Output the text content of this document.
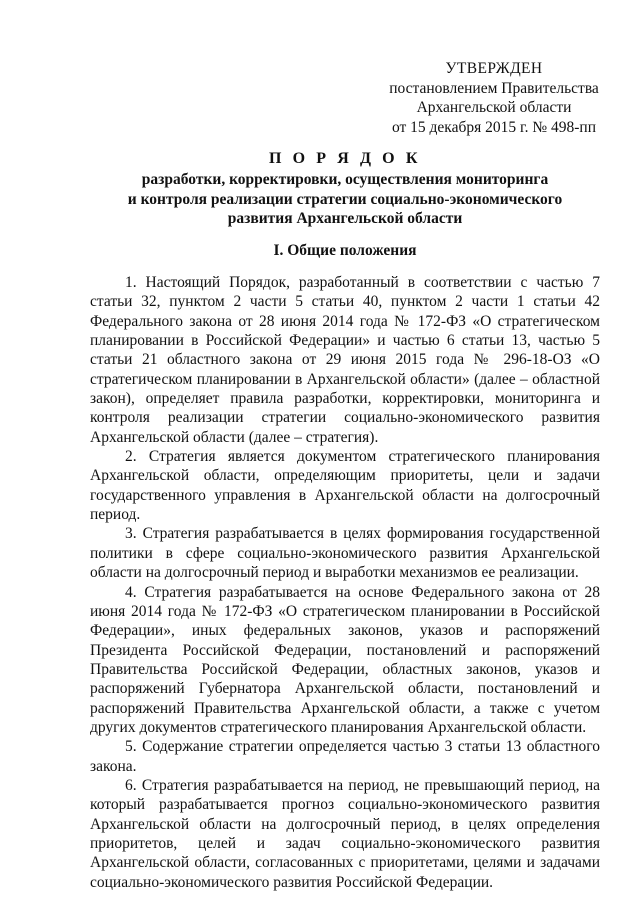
УТВЕРЖДЕН
постановлением Правительства
Архангельской области
от 15 декабря 2015 г. № 498-пп
П О Р Я Д О К
разработки, корректировки, осуществления мониторинга
и контроля реализации стратегии социально-экономического
развития Архангельской области
I. Общие положения

1. Настоящий Порядок, разработанный в соответствии с частью 7 статьи 32, пунктом 2 части 5 статьи 40, пунктом 2 части 1 статьи 42 Федерального закона от 28 июня 2014 года № 172-ФЗ «О стратегическом планировании в Российской Федерации» и частью 6 статьи 13, частью 5 статьи 21 областного закона от 29 июня 2015 года № 296-18-ОЗ «О стратегическом планировании в Архангельской области» (далее – областной закон), определяет правила разработки, корректировки, мониторинга и контроля реализации стратегии социально-экономического развития Архангельской области (далее – стратегия).

2. Стратегия является документом стратегического планирования Архангельской области, определяющим приоритеты, цели и задачи государственного управления в Архангельской области на долгосрочный период.

3. Стратегия разрабатывается в целях формирования государственной политики в сфере социально-экономического развития Архангельской области на долгосрочный период и выработки механизмов ее реализации.

4. Стратегия разрабатывается на основе Федерального закона от 28 июня 2014 года № 172-ФЗ «О стратегическом планировании в Российской Федерации», иных федеральных законов, указов и распоряжений Президента Российской Федерации, постановлений и распоряжений Правительства Российской Федерации, областных законов, указов и распоряжений Губернатора Архангельской области, постановлений и распоряжений Правительства Архангельской области, а также с учетом других документов стратегического планирования Архангельской области.

5. Содержание стратегии определяется частью 3 статьи 13 областного закона.

6. Стратегия разрабатывается на период, не превышающий период, на который разрабатывается прогноз социально-экономического развития Архангельской области на долгосрочный период, в целях определения приоритетов, целей и задач социально-экономического развития Архангельской области, согласованных с приоритетами, целями и задачами социально-экономического развития Российской Федерации.
